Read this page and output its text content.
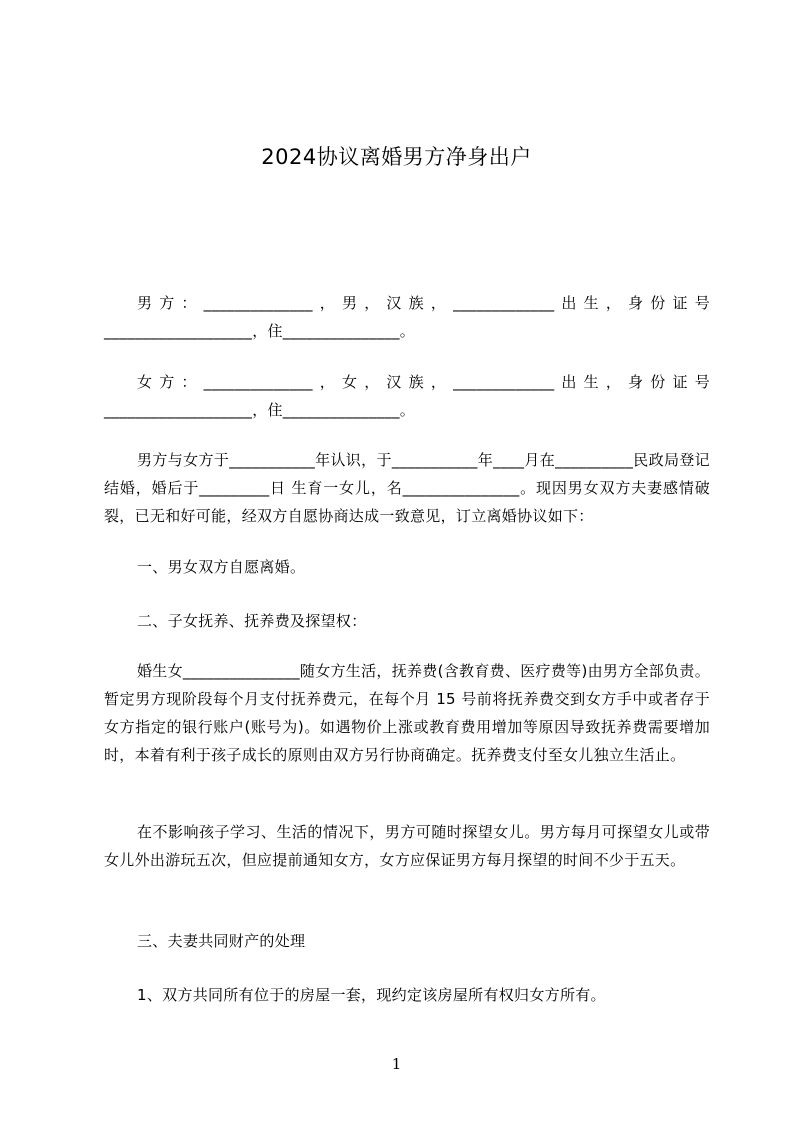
2024协议离婚男方净身出户
男方：______________，男，汉族，_____________出生，身份证号___________________，住_______________。
女方：______________，女，汉族，_____________出生，身份证号___________________，住_______________。
男方与女方于___________年认识，于___________年____月在__________民政局登记结婚，婚后于_________日 生育一女儿，名_______________。现因男女双方夫妻感情破裂，已无和好可能，经双方自愿协商达成一致意见，订立离婚协议如下：
一、男女双方自愿离婚。
二、子女抚养、抚养费及探望权：
婚生女_______________随女方生活，抚养费(含教育费、医疗费等)由男方全部负责。暂定男方现阶段每个月支付抚养费元，在每个月 15 号前将抚养费交到女方手中或者存于女方指定的银行账户(账号为)。如遇物价上涨或教育费用增加等原因导致抚养费需要增加时，本着有利于孩子成长的原则由双方另行协商确定。抚养费支付至女儿独立生活止。
在不影响孩子学习、生活的情况下，男方可随时探望女儿。男方每月可探望女儿或带女儿外出游玩五次，但应提前通知女方，女方应保证男方每月探望的时间不少于五天。
三、夫妻共同财产的处理
1、双方共同所有位于的房屋一套，现约定该房屋所有权归女方所有。
1
